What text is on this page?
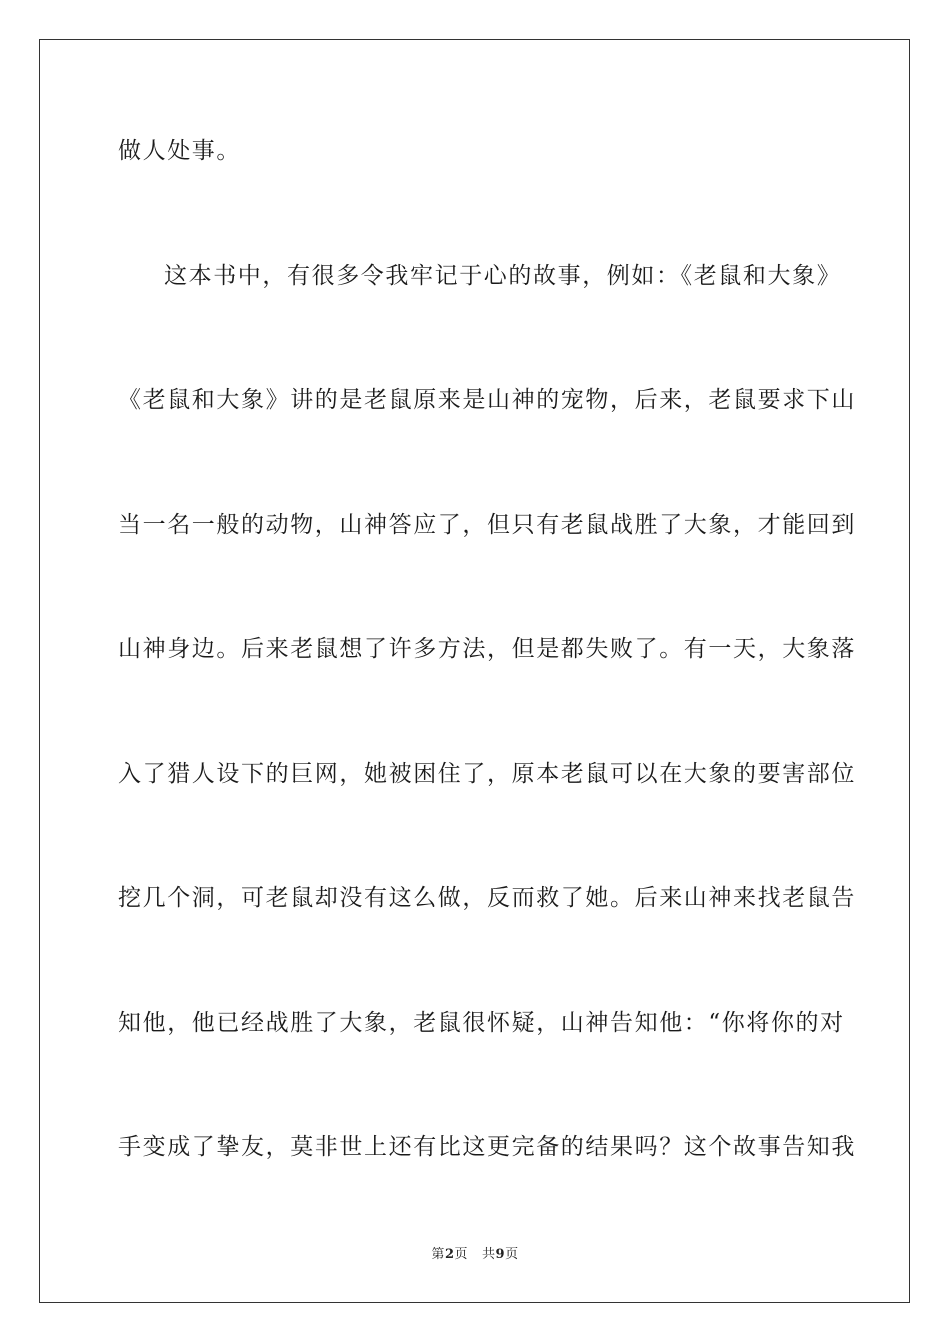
做人处事。
这本书中，有很多令我牢记于心的故事，例如：《老鼠和大象》
《老鼠和大象》讲的是老鼠原来是山神的宠物，后来，老鼠要求下山
当一名一般的动物，山神答应了，但只有老鼠战胜了大象，才能回到
山神身边。后来老鼠想了许多方法，但是都失败了。有一天，大象落
入了猎人设下的巨网，她被困住了，原本老鼠可以在大象的要害部位
挖几个洞，可老鼠却没有这么做，反而救了她。后来山神来找老鼠告
知他，他已经战胜了大象，老鼠很怀疑，山神告知他：“你将你的对
手变成了挚友，莫非世上还有比这更完备的结果吗？这个故事告知我
第2页 共9页
